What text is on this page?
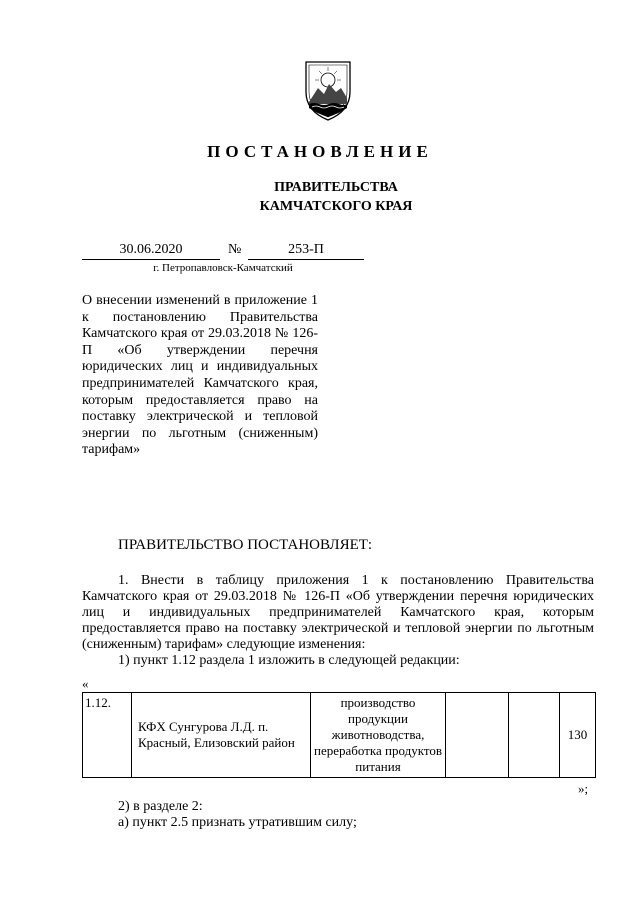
ПОСТАНОВЛЕНИЕ
ПРАВИТЕЛЬСТВА
КАМЧАТСКОГО КРАЯ
30.06.2020	№	253-П
г. Петропавловск-Камчатский

О внесении изменений в приложение 1 к постановлению Правительства Камчатского края от 29.03.2018 № 126-П «Об утверждении перечня юридических лиц и индивидуальных предпринимателей Камчатского края, которым предоставляется право на поставку электрической и тепловой энергии по льготным (сниженным) тарифам»

ПРАВИТЕЛЬСТВО ПОСТАНОВЛЯЕТ:

1. Внести в таблицу приложения 1 к постановлению Правительства Камчатского края от 29.03.2018 № 126-П «Об утверждении перечня юридических лиц и индивидуальных предпринимателей Камчатского края, которым предоставляется право на поставку электрической и тепловой энергии по льготным (сниженным) тарифам» следующие изменения:

1) пункт 1.12 раздела 1 изложить в следующей редакции:

«
1.12.	КФХ Сунгурова Л.Д. п. Красный, Елизовский район	производство продукции животноводства, переработка продуктов питания			130
»;

2) в разделе 2:

а) пункт 2.5 признать утратившим силу;
